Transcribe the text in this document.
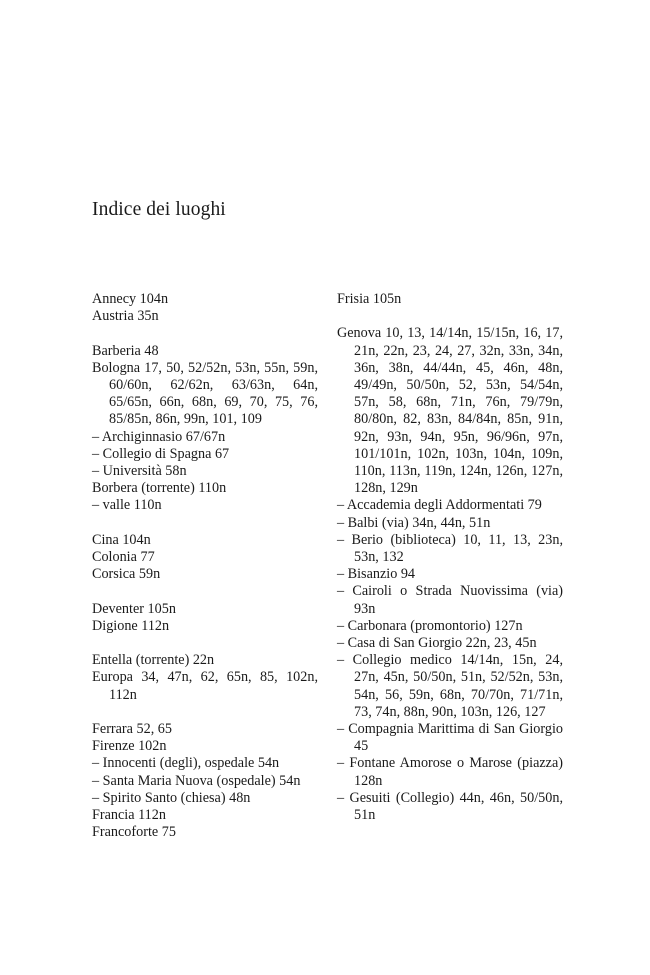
Indice dei luoghi
Annecy 104n
Austria 35n
Barberia 48
Bologna 17, 50, 52/52n, 53n, 55n, 59n, 60/60n, 62/62n, 63/63n, 64n, 65/65n, 66n, 68n, 69, 70, 75, 76, 85/85n, 86n, 99n, 101, 109
– Archiginnasio 67/67n
– Collegio di Spagna 67
– Università 58n
Borbera (torrente) 110n
– valle 110n
Cina 104n
Colonia 77
Corsica 59n
Deventer 105n
Digione 112n
Entella (torrente) 22n
Europa 34, 47n, 62, 65n, 85, 102n, 112n
Ferrara 52, 65
Firenze 102n
– Innocenti (degli), ospedale 54n
– Santa Maria Nuova (ospedale) 54n
– Spirito Santo (chiesa) 48n
Francia 112n
Francoforte 75
Frisia 105n
Genova 10, 13, 14/14n, 15/15n, 16, 17, 21n, 22n, 23, 24, 27, 32n, 33n, 34n, 36n, 38n, 44/44n, 45, 46n, 48n, 49/49n, 50/50n, 52, 53n, 54/54n, 57n, 58, 68n, 71n, 76n, 79/79n, 80/80n, 82, 83n, 84/84n, 85n, 91n, 92n, 93n, 94n, 95n, 96/96n, 97n, 101/101n, 102n, 103n, 104n, 109n, 110n, 113n, 119n, 124n, 126n, 127n, 128n, 129n
– Accademia degli Addormentati 79
– Balbi (via) 34n, 44n, 51n
– Berio (biblioteca) 10, 11, 13, 23n, 53n, 132
– Bisanzio 94
– Cairoli o Strada Nuovissima (via) 93n
– Carbonara (promontorio) 127n
– Casa di San Giorgio 22n, 23, 45n
– Collegio medico 14/14n, 15n, 24, 27n, 45n, 50/50n, 51n, 52/52n, 53n, 54n, 56, 59n, 68n, 70/70n, 71/71n, 73, 74n, 88n, 90n, 103n, 126, 127
– Compagnia Marittima di San Giorgio 45
– Fontane Amorose o Marose (piazza) 128n
– Gesuiti (Collegio) 44n, 46n, 50/50n, 51n
